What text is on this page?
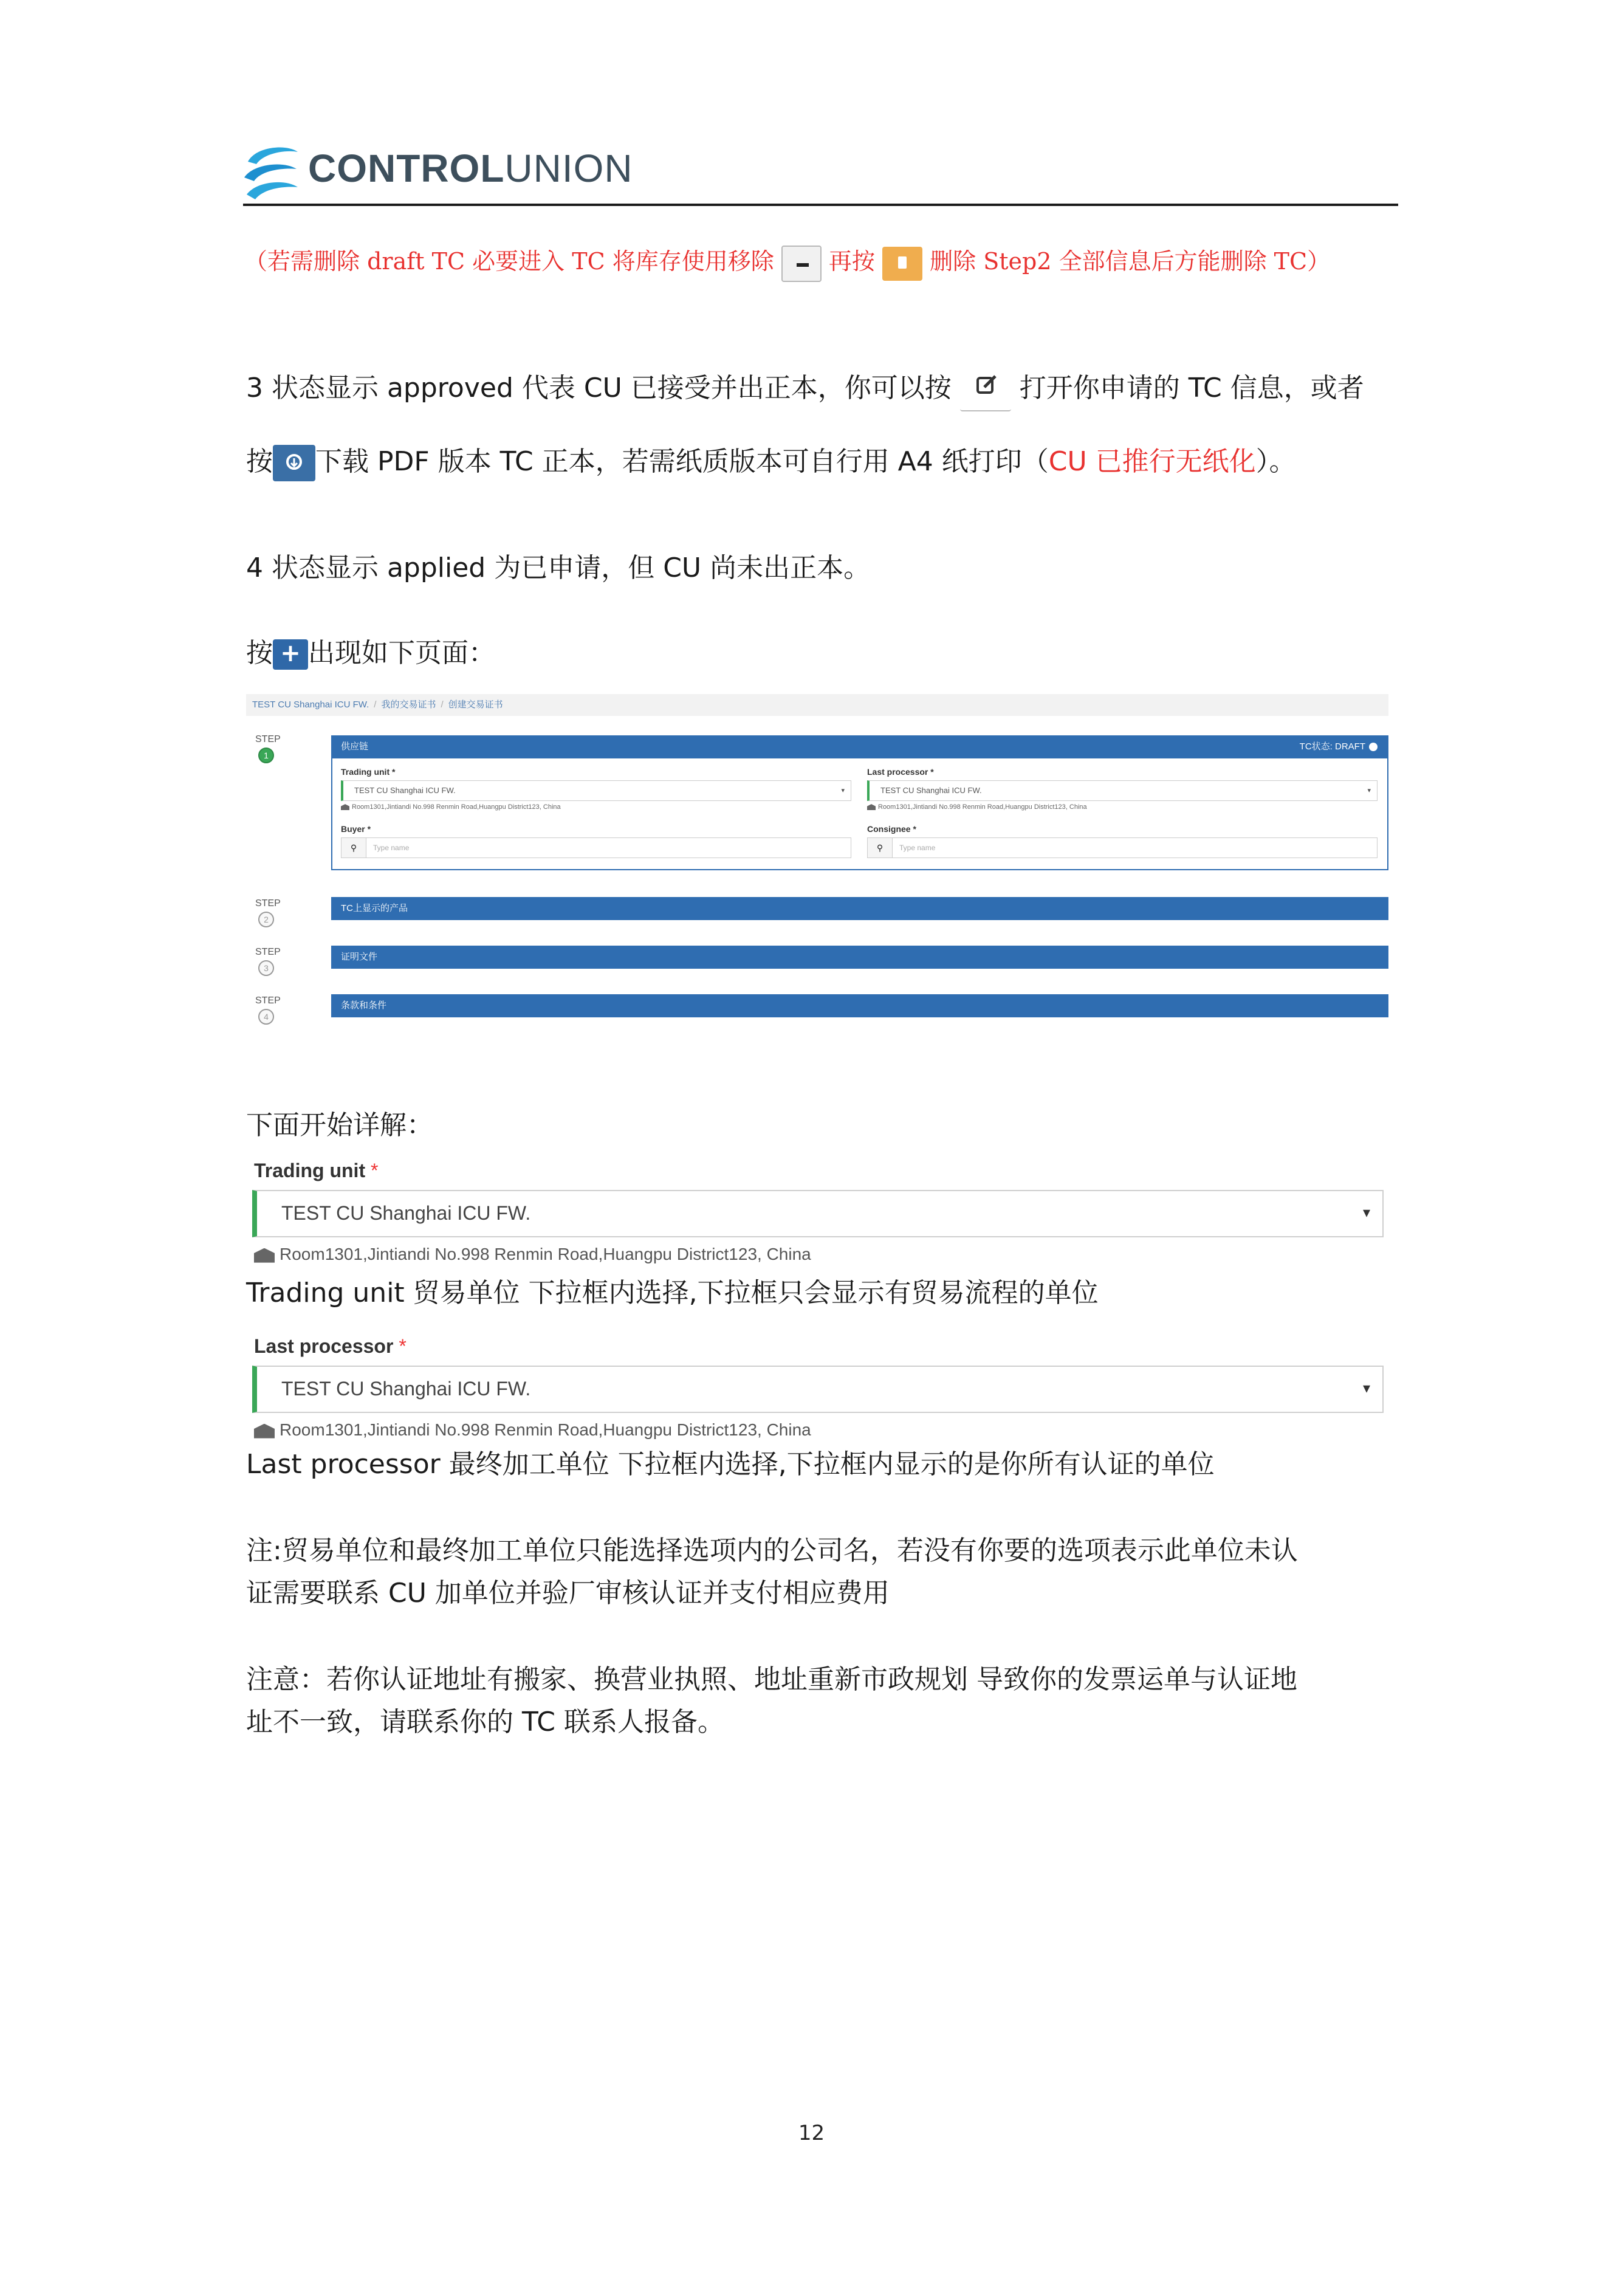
CONTROLUNION
（若需删除 draft TC 必要进入 TC 将库存使用移除 再按 删除 Step2 全部信息后方能删除 TC）
3 状态显示 approved 代表 CU 已接受并出正本，你可以按	打开你申请的 TC 信息，或者
按 下载 PDF 版本 TC 正本，若需纸质版本可自行用 A4 纸打印（CU 已推行无纸化）。
4 状态显示 applied 为已申请，但 CU 尚未出正本。
按 + 出现如下页面：
TEST CU Shanghai ICU FW. / 我的交易证书 / 创建交易证书
STEP
1
供应链	TC状态: DRAFT
Trading unit *
TEST CU Shanghai ICU FW.	▾
Room1301,Jintiandi No.998 Renmin Road,Huangpu District123, China
Last processor *
TEST CU Shanghai ICU FW.	▾
Room1301,Jintiandi No.998 Renmin Road,Huangpu District123, China
Buyer *
⚲	Type name
Consignee *
⚲	Type name
STEP
2
TC上显示的产品
STEP
3
证明文件
STEP
4
条款和条件
下面开始详解：
Trading unit *
TEST CU Shanghai ICU FW.	▾
Room1301,Jintiandi No.998 Renmin Road,Huangpu District123, China
Trading unit 贸易单位 下拉框内选择,下拉框只会显示有贸易流程的单位
Last processor *
TEST CU Shanghai ICU FW.	▾
Room1301,Jintiandi No.998 Renmin Road,Huangpu District123, China
Last processor 最终加工单位 下拉框内选择,下拉框内显示的是你所有认证的单位
注:贸易单位和最终加工单位只能选择选项内的公司名，若没有你要的选项表示此单位未认
证需要联系 CU 加单位并验厂审核认证并支付相应费用
注意：若你认证地址有搬家、换营业执照、地址重新市政规划 导致你的发票运单与认证地
址不一致，请联系你的 TC 联系人报备。
12
